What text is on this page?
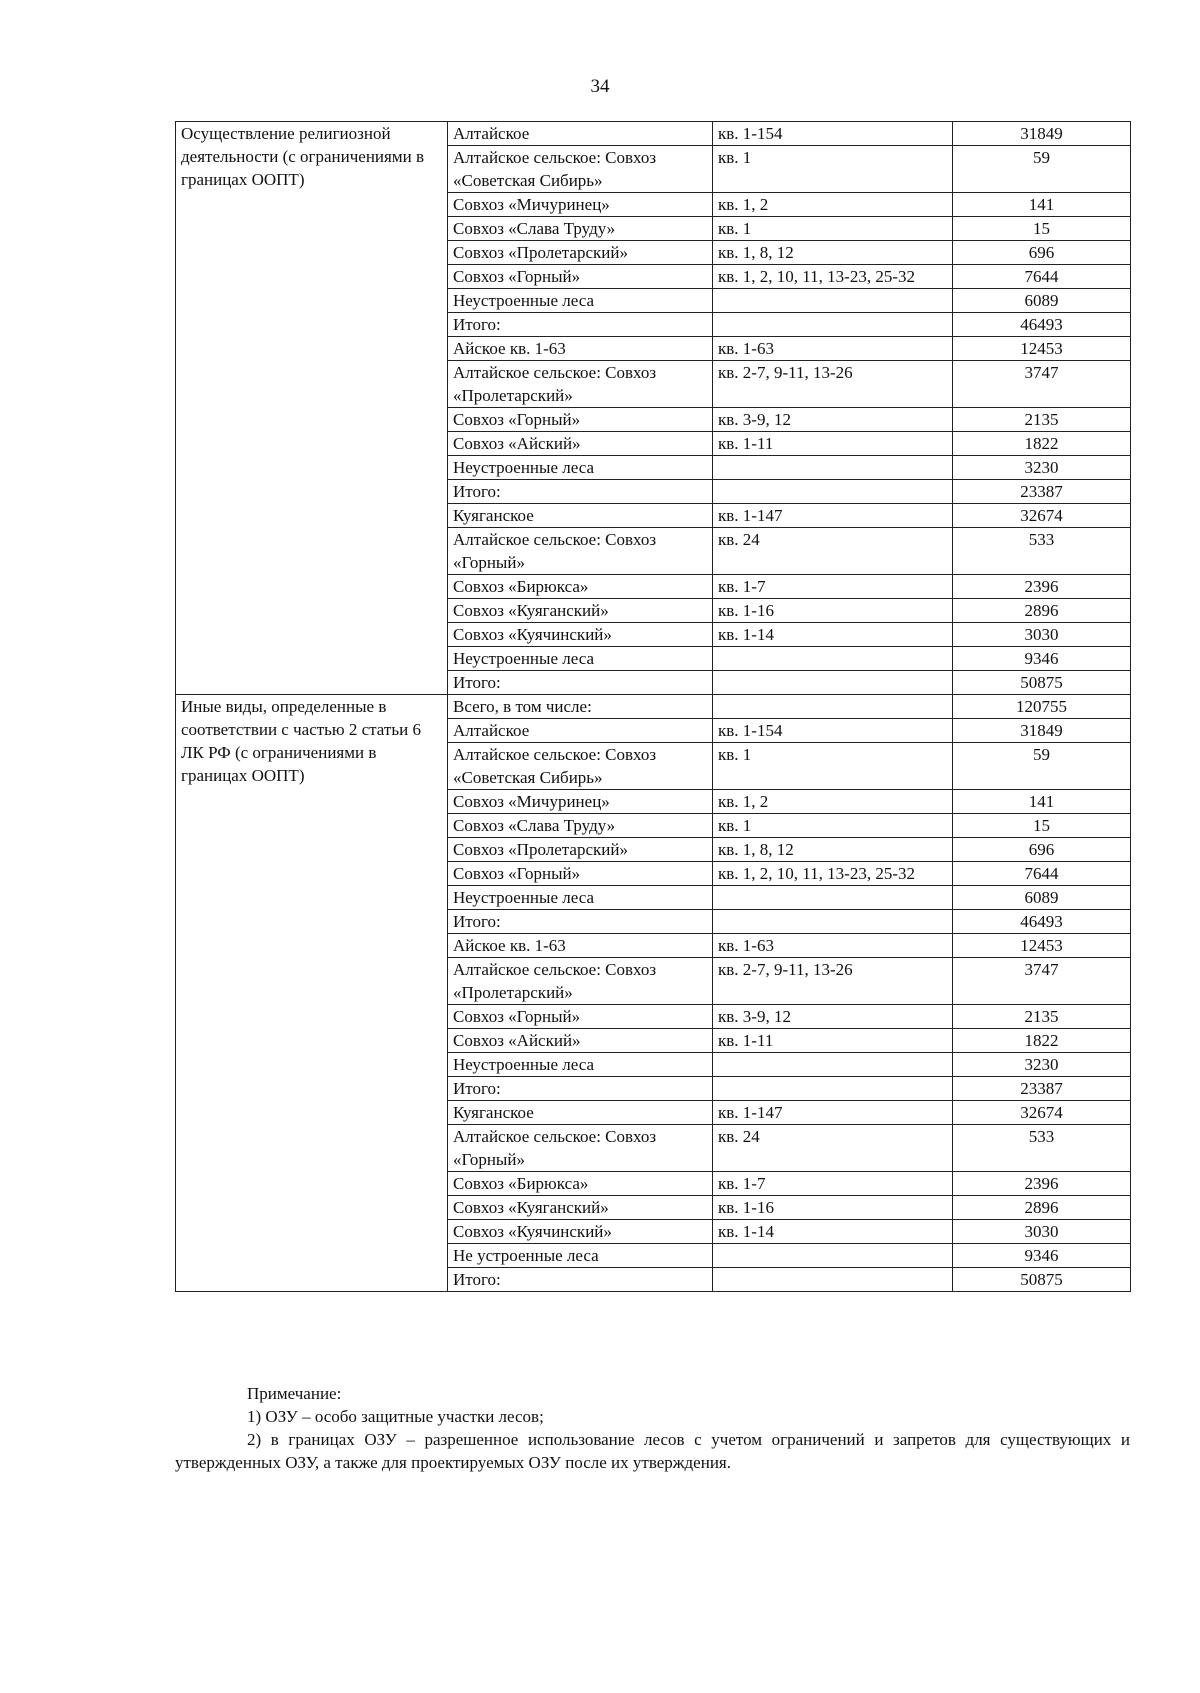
34
Осуществление религиозной деятельности (с ограничениями в границах ООПТ)	Алтайское	кв. 1-154	31849
	Алтайское сельское: Совхоз «Советская Сибирь»	кв. 1	59
	Совхоз «Мичуринец»	кв. 1, 2	141
	Совхоз «Слава Труду»	кв. 1	15
	Совхоз «Пролетарский»	кв. 1, 8, 12	696
	Совхоз «Горный»	кв. 1, 2, 10, 11, 13-23, 25-32	7644
	Неустроенные леса		6089
	Итого:		46493
	Айское кв. 1-63	кв. 1-63	12453
	Алтайское сельское: Совхоз «Пролетарский»	кв. 2-7, 9-11, 13-26	3747
	Совхоз «Горный»	кв. 3-9, 12	2135
	Совхоз «Айский»	кв. 1-11	1822
	Неустроенные леса		3230
	Итого:		23387
	Куяганское	кв. 1-147	32674
	Алтайское сельское: Совхоз «Горный»	кв. 24	533
	Совхоз «Бирюкса»	кв. 1-7	2396
	Совхоз «Куяганский»	кв. 1-16	2896
	Совхоз «Куячинский»	кв. 1-14	3030
	Неустроенные леса		9346
	Итого:		50875
Иные виды, определенные в соответствии с частью 2 статьи 6 ЛК РФ (с ограничениями в границах ООПТ)	Всего, в том числе:		120755
	Алтайское	кв. 1-154	31849
	Алтайское сельское: Совхоз «Советская Сибирь»	кв. 1	59
	Совхоз «Мичуринец»	кв. 1, 2	141
	Совхоз «Слава Труду»	кв. 1	15
	Совхоз «Пролетарский»	кв. 1, 8, 12	696
	Совхоз «Горный»	кв. 1, 2, 10, 11, 13-23, 25-32	7644
	Неустроенные леса		6089
	Итого:		46493
	Айское кв. 1-63	кв. 1-63	12453
	Алтайское сельское: Совхоз «Пролетарский»	кв. 2-7, 9-11, 13-26	3747
	Совхоз «Горный»	кв. 3-9, 12	2135
	Совхоз «Айский»	кв. 1-11	1822
	Неустроенные леса		3230
	Итого:		23387
	Куяганское	кв. 1-147	32674
	Алтайское сельское: Совхоз «Горный»	кв. 24	533
	Совхоз «Бирюкса»	кв. 1-7	2396
	Совхоз «Куяганский»	кв. 1-16	2896
	Совхоз «Куячинский»	кв. 1-14	3030
	Не устроенные леса		9346
	Итого:		50875

Примечание:

1) ОЗУ – особо защитные участки лесов;

2) в границах ОЗУ – разрешенное использование лесов с учетом ограничений и запретов для существующих и утвержденных ОЗУ, а также для проектируемых ОЗУ после их утверждения.
